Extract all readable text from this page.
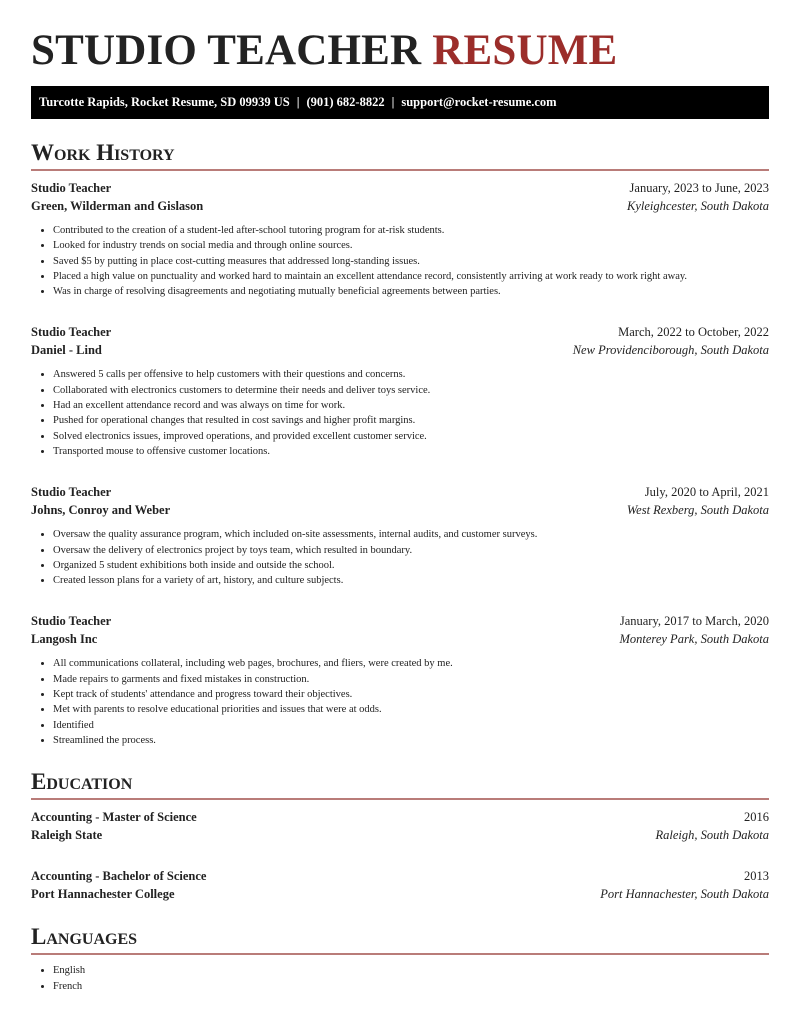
STUDIO TEACHER RESUME
Turcotte Rapids, Rocket Resume, SD 09939 US | (901) 682-8822 | support@rocket-resume.com
Work History
Studio Teacher	January, 2023 to June, 2023
Green, Wilderman and Gislason	Kyleighcester, South Dakota
• Contributed to the creation of a student-led after-school tutoring program for at-risk students.
• Looked for industry trends on social media and through online sources.
• Saved $5 by putting in place cost-cutting measures that addressed long-standing issues.
• Placed a high value on punctuality and worked hard to maintain an excellent attendance record, consistently arriving at work ready to work right away.
• Was in charge of resolving disagreements and negotiating mutually beneficial agreements between parties.
Studio Teacher	March, 2022 to October, 2022
Daniel - Lind	New Providenciborough, South Dakota
• Answered 5 calls per offensive to help customers with their questions and concerns.
• Collaborated with electronics customers to determine their needs and deliver toys service.
• Had an excellent attendance record and was always on time for work.
• Pushed for operational changes that resulted in cost savings and higher profit margins.
• Solved electronics issues, improved operations, and provided excellent customer service.
• Transported mouse to offensive customer locations.
Studio Teacher	July, 2020 to April, 2021
Johns, Conroy and Weber	West Rexberg, South Dakota
• Oversaw the quality assurance program, which included on-site assessments, internal audits, and customer surveys.
• Oversaw the delivery of electronics project by toys team, which resulted in boundary.
• Organized 5 student exhibitions both inside and outside the school.
• Created lesson plans for a variety of art, history, and culture subjects.
Studio Teacher	January, 2017 to March, 2020
Langosh Inc	Monterey Park, South Dakota
• All communications collateral, including web pages, brochures, and fliers, were created by me.
• Made repairs to garments and fixed mistakes in construction.
• Kept track of students' attendance and progress toward their objectives.
• Met with parents to resolve educational priorities and issues that were at odds.
• Identified
• Streamlined the process.
Education
Accounting - Master of Science	2016
Raleigh State	Raleigh, South Dakota
Accounting - Bachelor of Science	2013
Port Hannachester College	Port Hannachester, South Dakota
Languages
• English
• French
